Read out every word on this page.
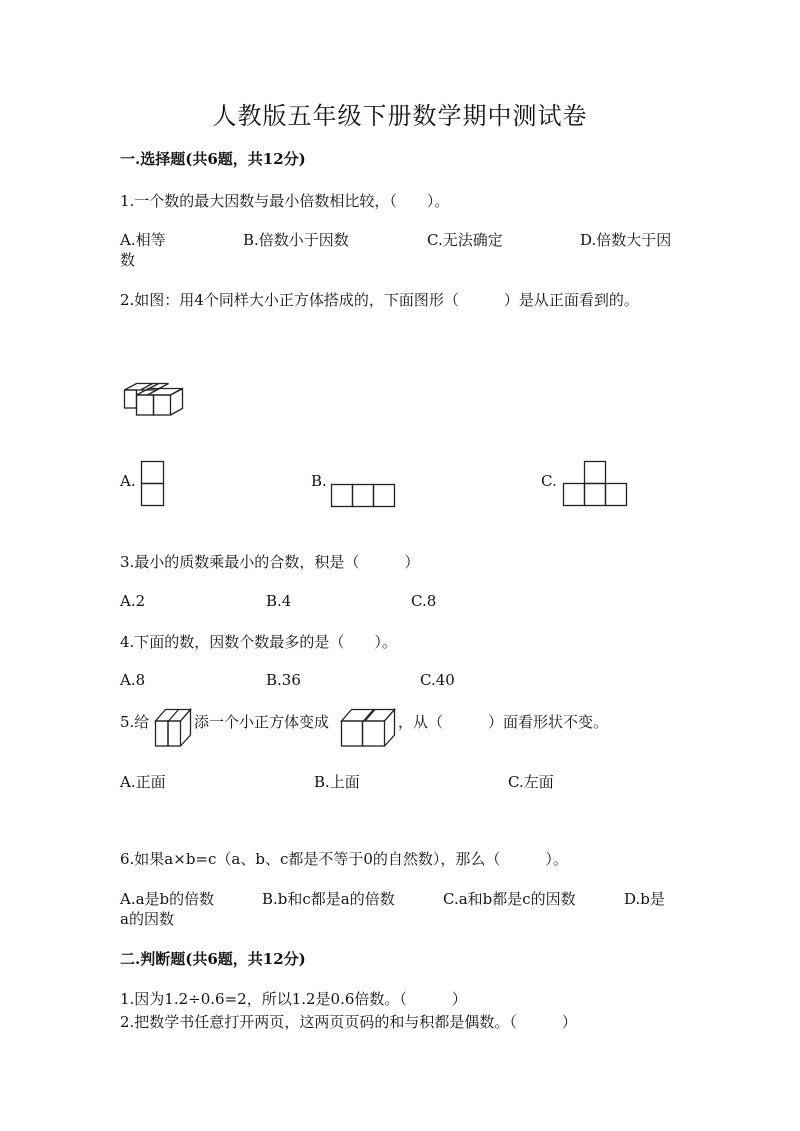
人教版五年级下册数学期中测试卷
一.选择题(共6题，共12分)
1.一个数的最大因数与最小倍数相比较，（　　）。
A.相等	B.倍数小于因数	C.无法确定	D.倍数大于因
数
2.如图：用4个同样大小正方体搭成的，下面图形（　　　）是从正面看到的。
A.	B.	C.
3.最小的质数乘最小的合数，积是（　　　）
A.2	B.4	C.8
4.下面的数，因数个数最多的是（　　）。
A.8	B.36	C.40
5.给	添一个小正方体变成	，从（　　　）面看形状不变。
A.正面	B.上面	C.左面
6.如果a×b=c（a、b、c都是不等于0的自然数），那么（　　　）。
A.a是b的倍数	B.b和c都是a的倍数	C.a和b都是c的因数	D.b是
a的因数
二.判断题(共6题，共12分)
1.因为1.2÷0.6=2，所以1.2是0.6倍数。（　　　）
2.把数学书任意打开两页，这两页页码的和与积都是偶数。（　　　）
